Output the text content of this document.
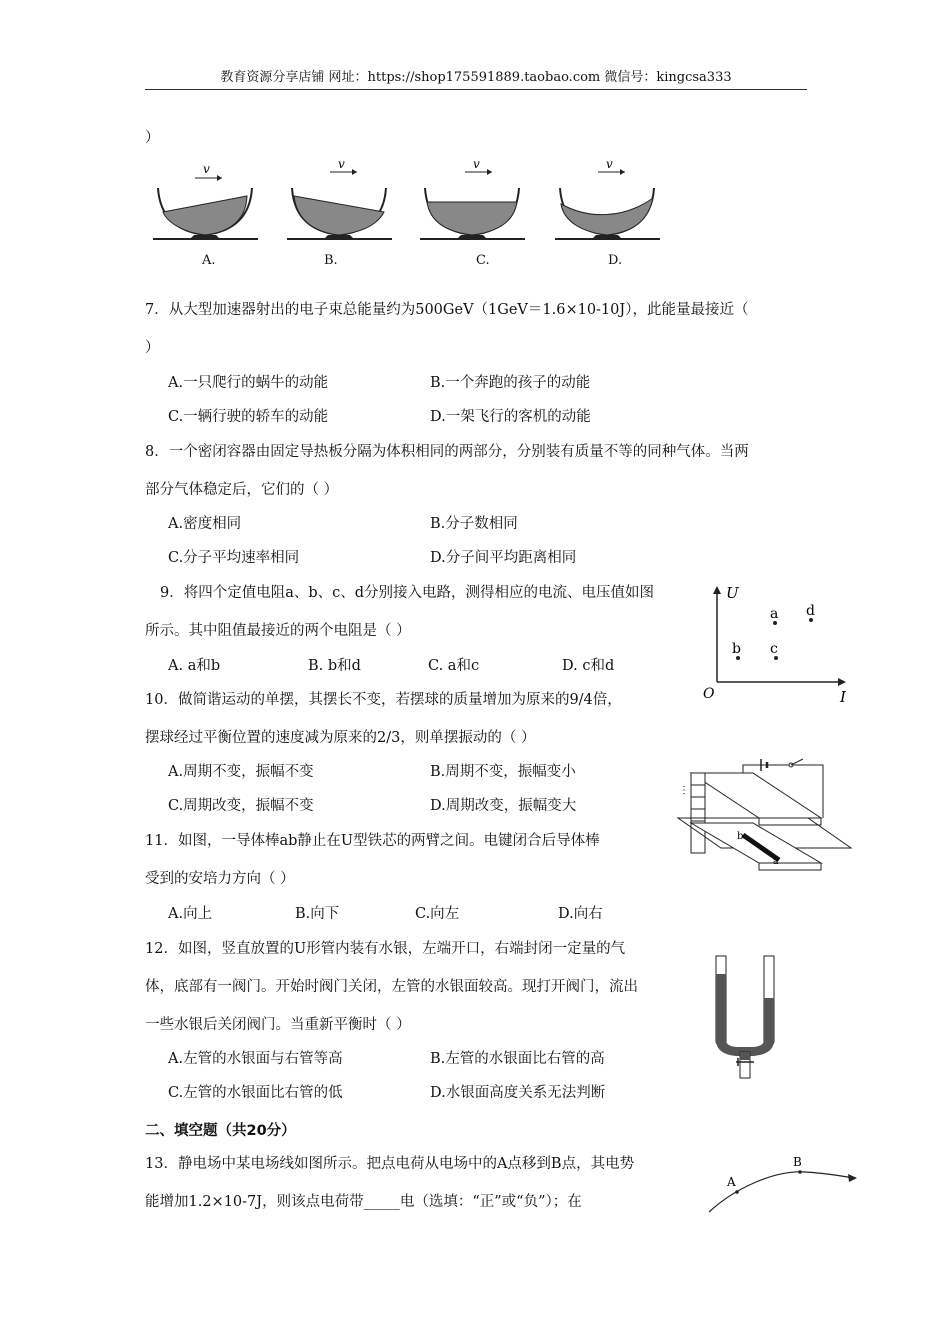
教育资源分享店铺 网址：https://shop175591889.taobao.com 微信号：kingcsa333
）
v	v	v	v
A.	B.	C.	D.
7．从大型加速器射出的电子束总能量约为500GeV（1GeV＝1.6×10-10J），此能量最接近（
）
A.一只爬行的蜗牛的动能	B.一个奔跑的孩子的动能
C.一辆行驶的轿车的动能	D.一架飞行的客机的动能
8．一个密闭容器由固定导热板分隔为体积相同的两部分，分别装有质量不等的同种气体。当两
部分气体稳定后，它们的（ ）
A.密度相同	B.分子数相同
C.分子平均速率相同	D.分子间平均距离相同
9．将四个定值电阻a、b、c、d分别接入电路，测得相应的电流、电压值如图
所示。其中阻值最接近的两个电阻是（ ）
A. a和b	B. b和d	C. a和c	D. c和d
U
I
O
a d
b c
10．做简谐运动的单摆，其摆长不变，若摆球的质量增加为原来的9/4倍，
摆球经过平衡位置的速度减为原来的2/3，则单摆振动的（ ）
A.周期不变，振幅不变	B.周期不变，振幅变小
C.周期改变，振幅不变	D.周期改变，振幅变大
11．如图，一导体棒ab静止在U型铁芯的两臂之间。电键闭合后导体棒
受到的安培力方向（ ）
A.向上	B.向下	C.向左	D.向右
⋮
b
a
12．如图，竖直放置的U形管内装有水银，左端开口，右端封闭一定量的气
体，底部有一阀门。开始时阀门关闭，左管的水银面较高。现打开阀门，流出
一些水银后关闭阀门。当重新平衡时（ ）
A.左管的水银面与右管等高	B.左管的水银面比右管的高
C.左管的水银面比右管的低	D.水银面高度关系无法判断
二、填空题（共20分）
13．静电场中某电场线如图所示。把点电荷从电场中的A点移到B点，其电势
能增加1.2×10-7J，则该点电荷带_____电（选填：“正”或“负”）；在
A
B
